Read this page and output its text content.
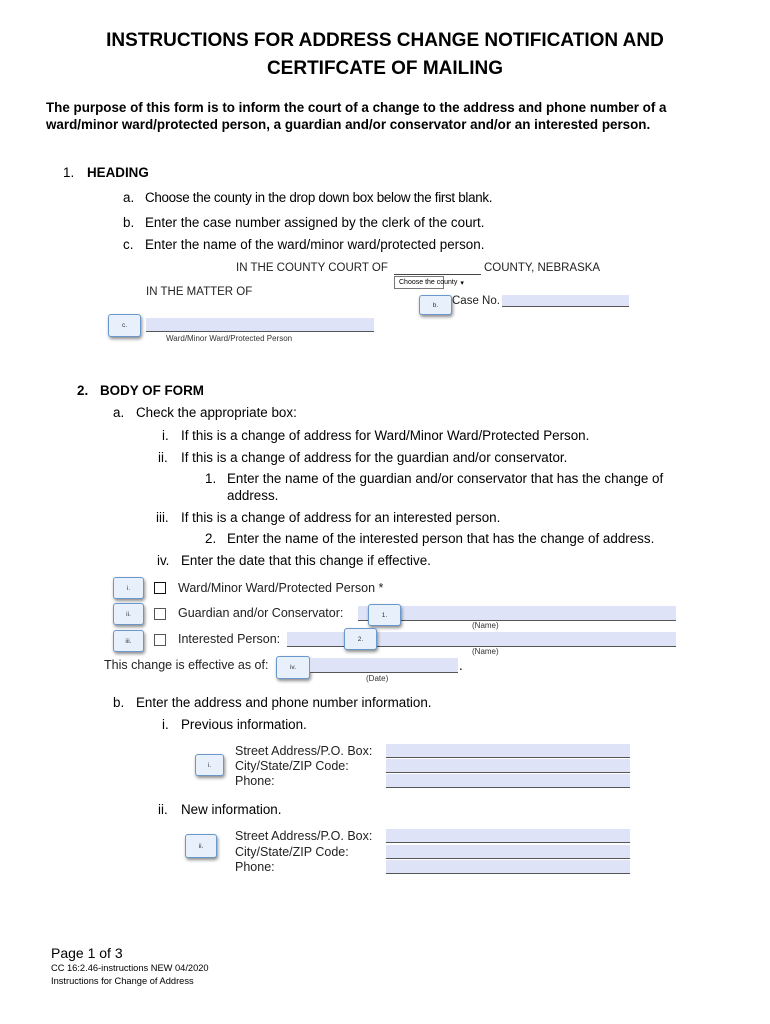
INSTRUCTIONS FOR ADDRESS CHANGE NOTIFICATION AND
CERTIFCATE OF MAILING
The purpose of this form is to inform the court of a change to the address and phone number of a ward/minor ward/protected person, a guardian and/or conservator and/or an interested person.
1. HEADING
a. Choose the county in the drop down box below the first blank.
b. Enter the case number assigned by the clerk of the court.
c. Enter the name of the ward/minor ward/protected person.
IN THE COUNTY COURT OF	COUNTY, NEBRASKA
Choose the county ▾
IN THE MATTER OF
b.	Case No.
c.
Ward/Minor Ward/Protected Person
2. BODY OF FORM
a. Check the appropriate box:
i. If this is a change of address for Ward/Minor Ward/Protected Person.
ii. If this is a change of address for the guardian and/or conservator.
1. Enter the name of the guardian and/or conservator that has the change of
address.
iii. If this is a change of address for an interested person.
2. Enter the name of the interested person that has the change of address.
iv. Enter the date that this change if effective.
i.	Ward/Minor Ward/Protected Person *
ii.	Guardian and/or Conservator:	1.
(Name)
iii.	Interested Person:	2.
(Name)
This change is effective as of:	iv.	.
(Date)
b. Enter the address and phone number information.
i. Previous information.
i.
Street Address/P.O. Box:
City/State/ZIP Code:
Phone:
ii. New information.
ii.
Street Address/P.O. Box:
City/State/ZIP Code:
Phone:
Page 1 of 3
CC 16:2.46-instructions NEW 04/2020
Instructions for Change of Address
